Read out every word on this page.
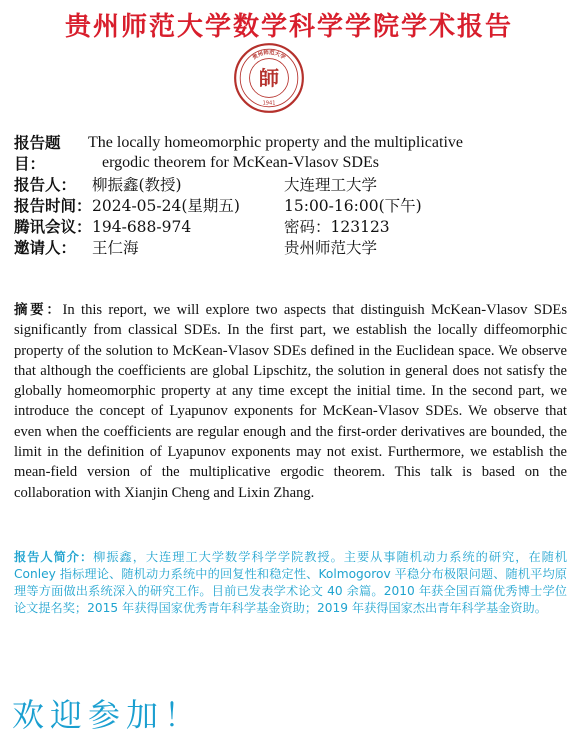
贵州师范大学数学科学学院学术报告
贵州师范大学
師
1941
报告题目：The locally homeomorphic property and the multiplicative
ergodic theorem for McKean-Vlasov SDEs
报告人： 柳振鑫(教授)	大连理工大学
报告时间： 2024-05-24(星期五)	15:00-16:00(下午)
腾讯会议： 194-688-974	密码：123123
邀请人： 王仁海	贵州师范大学
摘要：In this report, we will explore two aspects that distinguish McKean-Vlasov SDEs significantly from classical SDEs. In the first part, we establish the locally diffeomorphic property of the solution to McKean-Vlasov SDEs defined in the Euclidean space. We observe that although the coefficients are global Lipschitz, the solution in general does not satisfy the globally homeomorphic property at any time except the initial time. In the second part, we introduce the concept of Lyapunov exponents for McKean-Vlasov SDEs. We observe that even when the coefficients are regular enough and the first-order derivatives are bounded, the limit in the definition of Lyapunov exponents may not exist. Furthermore, we establish the mean-field version of the multiplicative ergodic theorem. This talk is based on the collaboration with Xianjin Cheng and Lixin Zhang.
报告人简介：柳振鑫，大连理工大学数学科学学院教授。主要从事随机动力系统的研究，在随机 Conley 指标理论、随机动力系统中的回复性和稳定性、Kolmogorov 平稳分布极限问题、随机平均原理等方面做出系统深入的研究工作。目前已发表学术论文 40 余篇。2010 年获全国百篇优秀博士学位论文提名奖；2015 年获得国家优秀青年科学基金资助；2019 年获得国家杰出青年科学基金资助。
欢迎参加！
